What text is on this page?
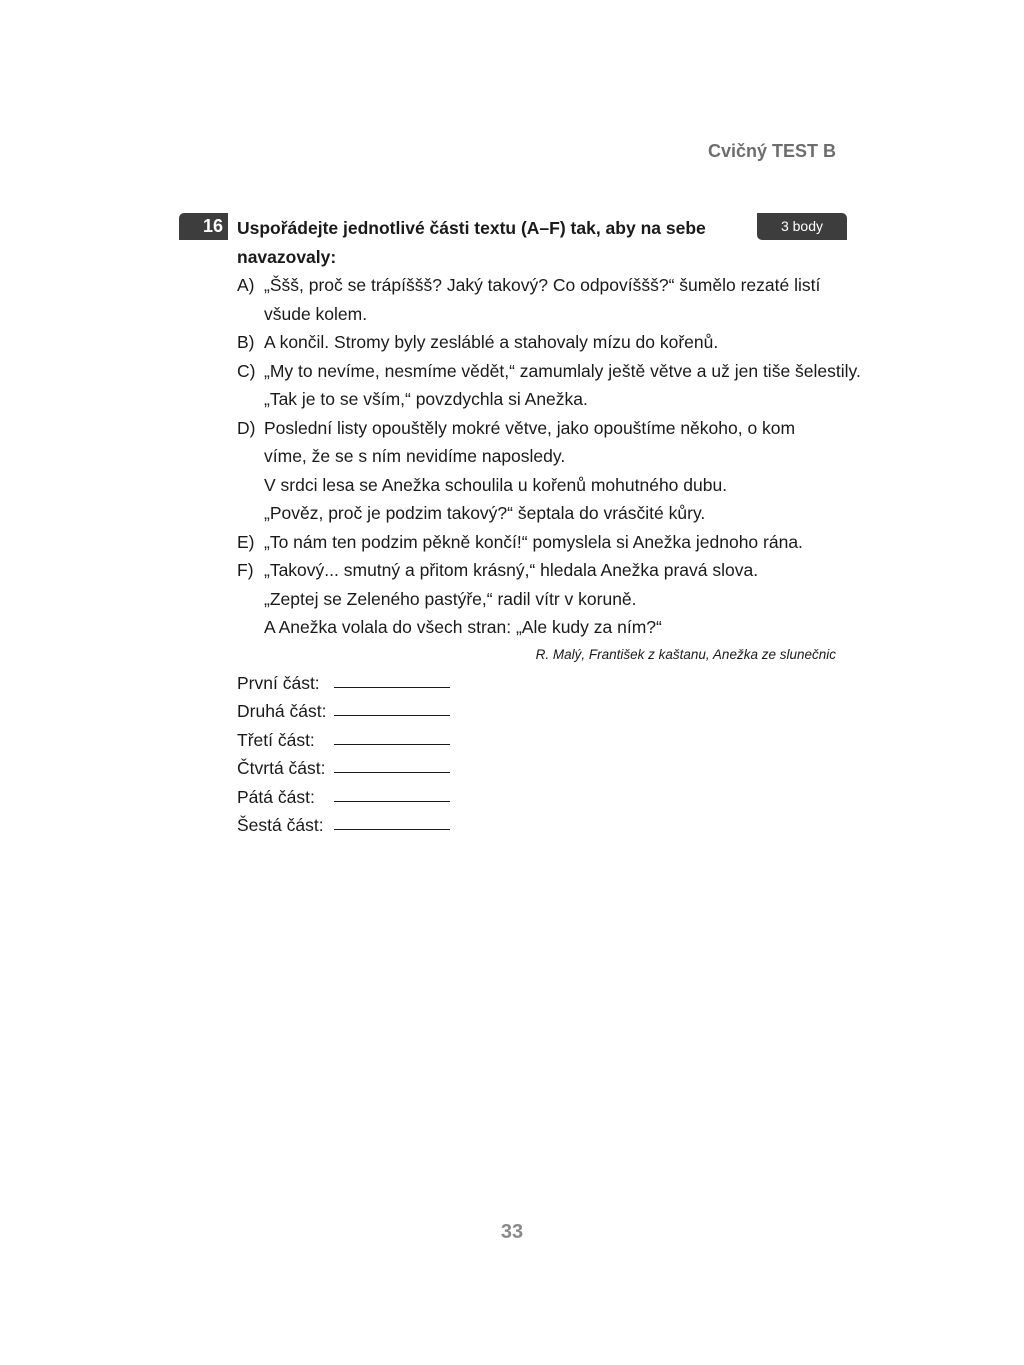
Cvičný TEST B
16	3 body
Uspořádejte jednotlivé části textu (A–F) tak, aby na sebe
navazovaly:
A) „Ššš, proč se trápíššš? Jaký takový? Co odpovíššš?“ šumělo rezaté listí
všude kolem.
B) A končil. Stromy byly zesláblé a stahovaly mízu do kořenů.
C) „My to nevíme, nesmíme vědět,“ zamumlaly ještě větve a už jen tiše šelestily.
„Tak je to se vším,“ povzdychla si Anežka.
D) Poslední listy opouštěly mokré větve, jako opouštíme někoho, o kom
víme, že se s ním nevidíme naposledy.
V srdci lesa se Anežka schoulila u kořenů mohutného dubu.
„Pověz, proč je podzim takový?“ šeptala do vrásčité kůry.
E) „To nám ten podzim pěkně končí!“ pomyslela si Anežka jednoho rána.
F) „Takový... smutný a přitom krásný,“ hledala Anežka pravá slova.
„Zeptej se Zeleného pastýře,“ radil vítr v koruně.
A Anežka volala do všech stran: „Ale kudy za ním?“
R. Malý, František z kaštanu, Anežka ze slunečnic
První část:
Druhá část:
Třetí část:
Čtvrtá část:
Pátá část:
Šestá část:
33
